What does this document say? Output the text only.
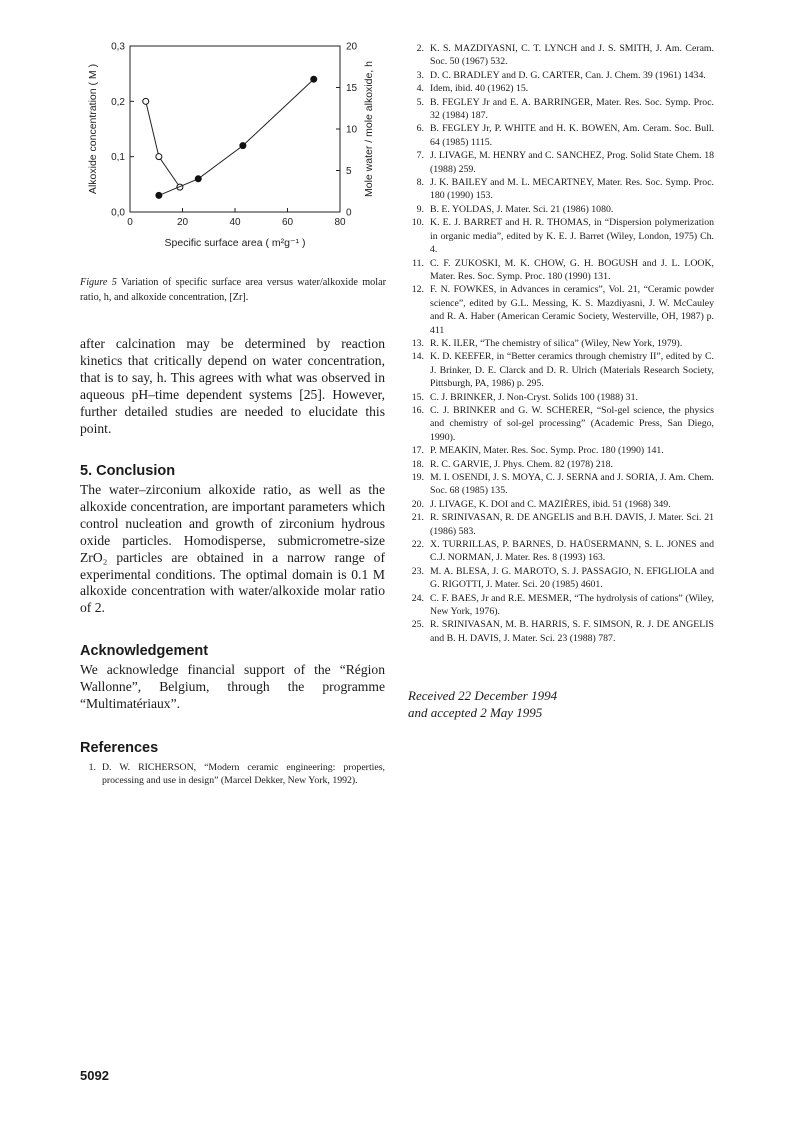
0	20	40	60	80
0,0
0,1
0,2
0,3
0
5
10
15
20
Specific surface area ( m²g⁻¹ )
Alkoxide concentration ( M )	Mole water / mole alkoxide, h
Figure 5 Variation of specific surface area versus water/alkoxide molar ratio, h, and alkoxide concentration, [Zr].
after calcination may be determined by reaction kinetics that critically depend on water concentration, that is to say, h. This agrees with what was observed in aqueous pH–time dependent systems [25]. However, further detailed studies are needed to elucidate this point.
5. Conclusion
The water–zirconium alkoxide ratio, as well as the alkoxide concentration, are important parameters which control nucleation and growth of zirconium hydrous oxide particles. Homodisperse, submicrometre-size ZrO₂ particles are obtained in a narrow range of experimental conditions. The optimal domain is 0.1 M alkoxide concentration with water/alkoxide molar ratio of 2.
Acknowledgement
We acknowledge financial support of the “Région Wallonne”, Belgium, through the programme “Multimatériaux”.
References
1. D. W. RICHERSON, “Modern ceramic engineering: properties, processing and use in design” (Marcel Dekker, New York, 1992).
2. K. S. MAZDIYASNI, C. T. LYNCH and J. S. SMITH, J. Am. Ceram. Soc. 50 (1967) 532.
3. D. C. BRADLEY and D. G. CARTER, Can. J. Chem. 39 (1961) 1434.
4. Idem, ibid. 40 (1962) 15.
5. B. FEGLEY Jr and E. A. BARRINGER, Mater. Res. Soc. Symp. Proc. 32 (1984) 187.
6. B. FEGLEY Jr, P. WHITE and H. K. BOWEN, Am. Ceram. Soc. Bull. 64 (1985) 1115.
7. J. LIVAGE, M. HENRY and C. SANCHEZ, Prog. Solid State Chem. 18 (1988) 259.
8. J. K. BAILEY and M. L. MECARTNEY, Mater. Res. Soc. Symp. Proc. 180 (1990) 153.
9. B. E. YOLDAS, J. Mater. Sci. 21 (1986) 1080.
10. K. E. J. BARRET and H. R. THOMAS, in “Dispersion polymerization in organic media”, edited by K. E. J. Barret (Wiley, London, 1975) Ch. 4.
11. C. F. ZUKOSKI, M. K. CHOW, G. H. BOGUSH and J. L. LOOK, Mater. Res. Soc. Symp. Proc. 180 (1990) 131.
12. F. N. FOWKES, in Advances in ceramics”, Vol. 21, “Ceramic powder science”, edited by G.L. Messing, K. S. Mazdiyasni, J. W. McCauley and R. A. Haber (American Ceramic Society, Westerville, OH, 1987) p. 411
13. R. K. ILER, “The chemistry of silica” (Wiley, New York, 1979).
14. K. D. KEEFER, in “Better ceramics through chemistry II”, edited by C. J. Brinker, D. E. Clarck and D. R. Ulrich (Materials Research Society, Pittsburgh, PA, 1986) p. 295.
15. C. J. BRINKER, J. Non-Cryst. Solids 100 (1988) 31.
16. C. J. BRINKER and G. W. SCHERER, “Sol-gel science, the physics and chemistry of sol-gel processing” (Academic Press, San Diego, 1990).
17. P. MEAKIN, Mater. Res. Soc. Symp. Proc. 180 (1990) 141.
18. R. C. GARVIE, J. Phys. Chem. 82 (1978) 218.
19. M. I. OSENDI, J. S. MOYA, C. J. SERNA and J. SORIA, J. Am. Chem. Soc. 68 (1985) 135.
20. J. LIVAGE, K. DOI and C. MAZIÈRES, ibid. 51 (1968) 349.
21. R. SRINIVASAN, R. DE ANGELIS and B.H. DAVIS, J. Mater. Sci. 21 (1986) 583.
22. X. TURRILLAS, P. BARNES, D. HAÜSERMANN, S. L. JONES and C.J. NORMAN, J. Mater. Res. 8 (1993) 163.
23. M. A. BLESA, J. G. MAROTO, S. J. PASSAGIO, N. EFIGLIOLA and G. RIGOTTI, J. Mater. Sci. 20 (1985) 4601.
24. C. F. BAES, Jr and R.E. MESMER, “The hydrolysis of cations” (Wiley, New York, 1976).
25. R. SRINIVASAN, M. B. HARRIS, S. F. SIMSON, R. J. DE ANGELIS and B. H. DAVIS, J. Mater. Sci. 23 (1988) 787.
Received 22 December 1994
and accepted 2 May 1995
5092
